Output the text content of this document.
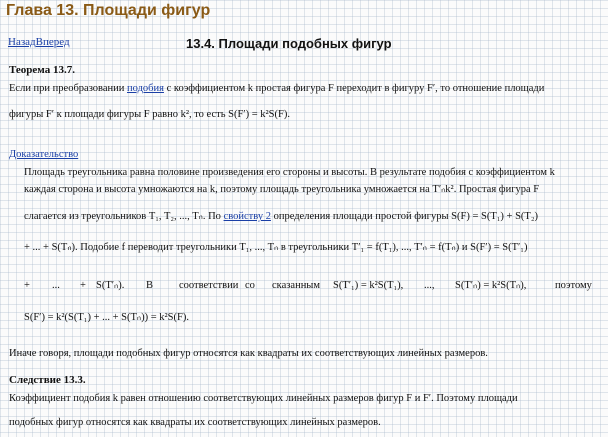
Глава 13. Площади фигур
НазадВперед	13.4. Площади подобных фигур
Теорема 13.7.
Если при преобразовании подобия с коэффициентом k простая фигура F переходит в фигуру F′, то отношение площади
фигуры F′ к площади фигуры F равно k², то есть S(F′) = k²S(F).
Доказательство
Площадь треугольника равна половине произведения его стороны и высоты. В результате подобия с коэффициентом k
каждая сторона и высота умножаются на k, поэтому площадь треугольника умножается на T′ₙk². Простая фигура F
слагается из треугольников T₁, T₂, ..., Tₙ. По свойству 2 определения площади простой фигуры S(F) = S(T₁) + S(T₂)
+ ... + S(Tₙ). Подобие f переводит треугольники T₁, ..., Tₙ в треугольники T′₁ = f(T₁), ..., T′ₙ = f(Tₙ) и S(F′) = S(T′₁)
+ ... + S(T′ₙ). В соответствии со сказанным S(T′₁) = k²S(T₁), ..., S(T′ₙ) = k²S(Tₙ),	поэтому
S(F′) = k²(S(T₁) + ... + S(Tₙ)) = k²S(F).
Иначе говоря, площади подобных фигур относятся как квадраты их соответствующих линейных размеров.
Следствие 13.3.
Коэффициент подобия k равен отношению соответствующих линейных размеров фигур F и F′. Поэтому площади
подобных фигур относятся как квадраты их соответствующих линейных размеров.
